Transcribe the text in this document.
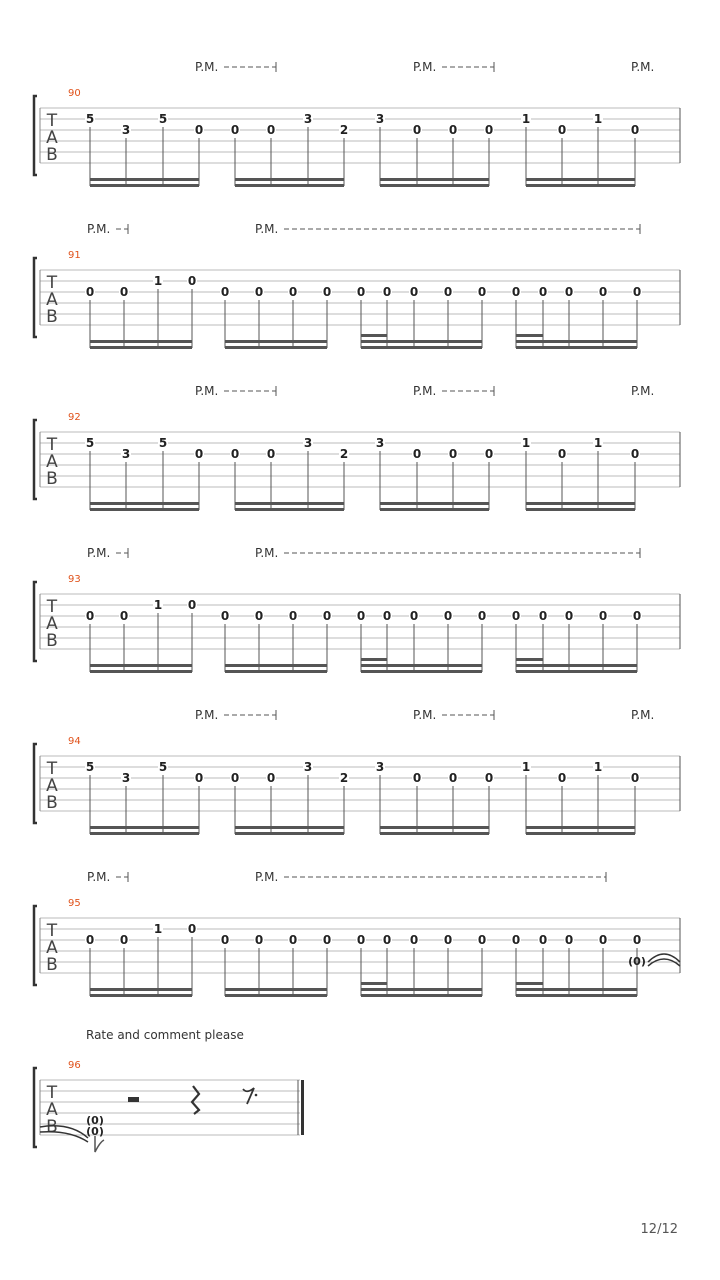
T
A
B
90
P.M.	P.M.	P.M.
5
3
5
0 0 0
3
2
3
0 0 0
1
0
1
0
T
A
B
91
P.M.	P.M.
0 0
1 0
0 0 0 0 0 0 0 0 0 0 0 0 0 0
T
A
B
92
P.M.	P.M.	P.M.
5
3
5
0 0 0
3
2
3
0 0 0
1
0
1
0
T
A
B
93
P.M.	P.M.
0 0
1 0
0 0 0 0 0 0 0 0 0 0 0 0 0 0
T
A
B
94
P.M.	P.M.	P.M.
5
3
5
0 0 0
3
2
3
0 0 0
1
0
1
0
T
A
B
95
P.M.	P.M.
0 0
1 0
0 0 0 0 0 0 0 0 0 0 0 0 0 0
(0)
T
A
B
96
(0)
(0)
Rate and comment please
12/12
